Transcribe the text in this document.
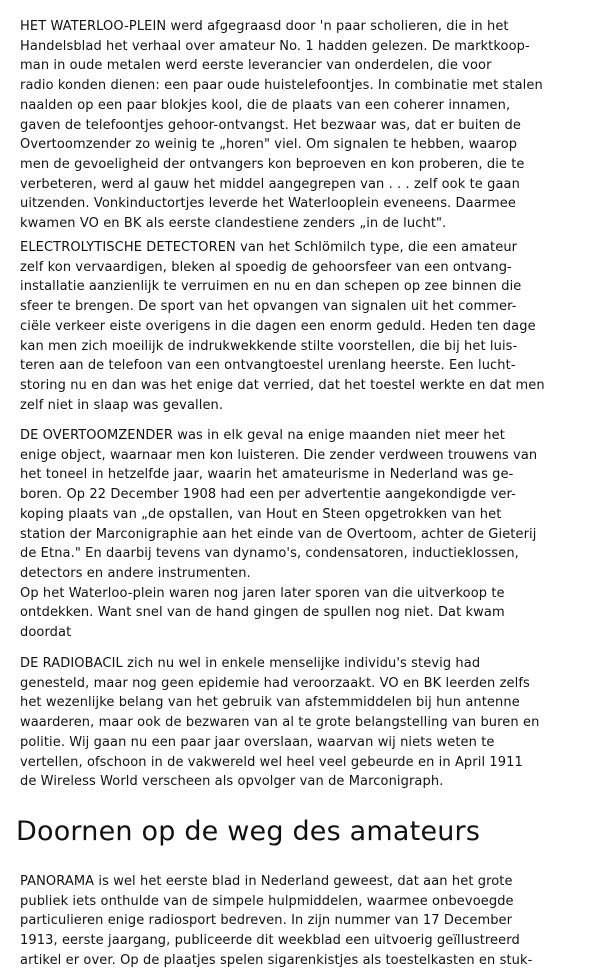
HET WATERLOO-PLEIN werd afgegraasd door 'n paar scholieren, die in het
Handelsblad het verhaal over amateur No. 1 hadden gelezen. De marktkoop-
man in oude metalen werd eerste leverancier van onderdelen, die voor
radio konden dienen: een paar oude huistelefoontjes. In combinatie met stalen
naalden op een paar blokjes kool, die de plaats van een coherer innamen,
gaven de telefoontjes gehoor-ontvangst. Het bezwaar was, dat er buiten de
Overtoomzender zo weinig te „horen" viel. Om signalen te hebben, waarop
men de gevoeligheid der ontvangers kon beproeven en kon proberen, die te
verbeteren, werd al gauw het middel aangegrepen van . . . zelf ook te gaan
uitzenden. Vonkinductortjes leverde het Waterlooplein eveneens. Daarmee
kwamen VO en BK als eerste clandestiene zenders „in de lucht".

ELECTROLYTISCHE DETECTOREN van het Schlömilch type, die een amateur
zelf kon vervaardigen, bleken al spoedig de gehoorsfeer van een ontvang-
installatie aanzienlijk te verruimen en nu en dan schepen op zee binnen die
sfeer te brengen. De sport van het opvangen van signalen uit het commer-
ciële verkeer eiste overigens in die dagen een enorm geduld. Heden ten dage
kan men zich moeilijk de indrukwekkende stilte voorstellen, die bij het luis-
teren aan de telefoon van een ontvangtoestel urenlang heerste. Een lucht-
storing nu en dan was het enige dat verried, dat het toestel werkte en dat men
zelf niet in slaap was gevallen.

DE OVERTOOMZENDER was in elk geval na enige maanden niet meer het
enige object, waarnaar men kon luisteren. Die zender verdween trouwens van
het toneel in hetzelfde jaar, waarin het amateurisme in Nederland was ge-
boren. Op 22 December 1908 had een per advertentie aangekondigde ver-
koping plaats van „de opstallen, van Hout en Steen opgetrokken van het
station der Marconigraphie aan het einde van de Overtoom, achter de Gieterij
de Etna." En daarbij tevens van dynamo's, condensatoren, inductieklossen,
detectors en andere instrumenten.
Op het Waterloo-plein waren nog jaren later sporen van die uitverkoop te
ontdekken. Want snel van de hand gingen de spullen nog niet. Dat kwam
doordat

DE RADIOBACIL zich nu wel in enkele menselijke individu's stevig had
genesteld, maar nog geen epidemie had veroorzaakt. VO en BK leerden zelfs
het wezenlijke belang van het gebruik van afstemmiddelen bij hun antenne
waarderen, maar ook de bezwaren van al te grote belangstelling van buren en
politie. Wij gaan nu een paar jaar overslaan, waarvan wij niets weten te
vertellen, ofschoon in de vakwereld wel heel veel gebeurde en in April 1911
de Wireless World verscheen als opvolger van de Marconigraph.

Doornen op de weg des amateurs

PANORAMA is wel het eerste blad in Nederland geweest, dat aan het grote
publiek iets onthulde van de simpele hulpmiddelen, waarmee onbevoegde
particulieren enige radiosport bedreven. In zijn nummer van 17 December
1913, eerste jaargang, publiceerde dit weekblad een uitvoerig geïllustreerd
artikel er over. Op de plaatjes spelen sigarenkistjes als toestelkasten en stuk-
